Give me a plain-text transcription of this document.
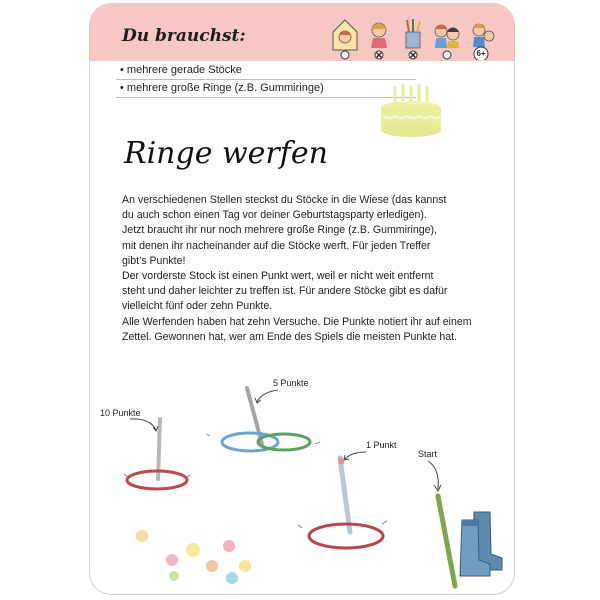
Du brauchst:
6+
• mehrere gerade Stöcke
• mehrere große Ringe (z.B. Gummiringe)
Ringe werfen
An verschiedenen Stellen steckst du Stöcke in die Wiese (das kannst
du auch schon einen Tag vor deiner Geburtstagsparty erledigen).
Jetzt braucht ihr nur noch mehrere große Ringe (z.B. Gummiringe),
mit denen ihr nacheinander auf die Stöcke werft. Für jeden Treffer
gibt’s Punkte!
Der vorderste Stock ist einen Punkt wert, weil er nicht weit entfernt
steht und daher leichter zu treffen ist. Für andere Stöcke gibt es dafür
vielleicht fünf oder zehn Punkte.
Alle Werfenden haben hat zehn Versuche. Die Punkte notiert ihr auf einem
Zettel. Gewonnen hat, wer am Ende des Spiels die meisten Punkte hat.
10 Punkte
5 Punkte
1 Punkt
Start
